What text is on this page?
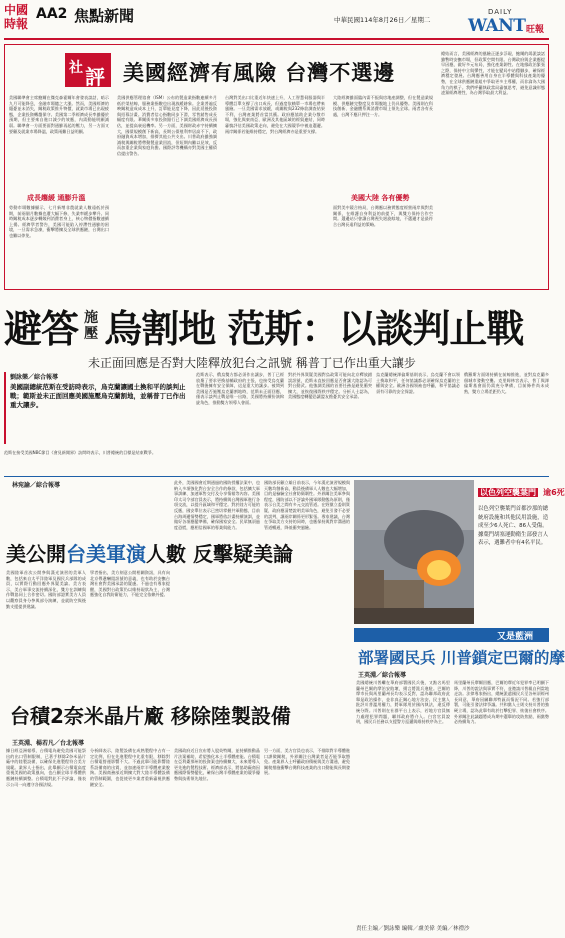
中國
時報
AA2 焦點新聞	中華民國114年8月26日／星期二
DAILY
WANT 旺報
社 評 美國經濟有風險 台灣不選邊
美國聯準會主席鮑爾在傑克森霍爾年會發表談話，暗示九月可能降息，金融市場隨之大漲。然而，美國經濟的隱憂並未消失，關稅政策推升物價，就業市場已出現疲態，企業投資轉趨保守。美國第二季經濟成長率雖優於預期，但主要來自進口減少的效應，內需動能明顯減弱。聯準會一方面要面對通膨再起的壓力，另一方面又要顧及就業市場降溫，政策兩難日益明顯。
成長趨緩 通膨升溫
勞動市場數據顯示，七月新增非農就業人數遠低於預期，前兩個月數據也遭大幅下修，失業率緩步攀升。同時關稅成本逐步轉嫁到消費者身上，核心物價指數連續上揚。經濟學者警告，美國可能陷入停滯性通膨的困境，一旦需求急凍，衝擊將擴及全球供應鏈，台灣出口也難以倖免。
美國供應管理協會（ISM）公布的製造業指數連續多月低於榮枯線，服務業指數也出現放緩跡象。企業普遍反映關稅造成成本上升，訂單能見度下降，因此延後投資與招募計畫。消費者信心指數同步下滑，零售銷售成長幅度有限。華爾街多家投資銀行已下調美國經濟成長預估，並提高衰退機率。另一方面，美國財政赤字持續擴大，國債規模創下新高，長期公債殖利率居高不下，政府融資成本增加，排擠其他公共支出。川普政府雖強調減稅與關稅將帶動製造業回流，但短期內難以見效，反而加重企業與家庭負擔。國際評等機構亦對美國主權債信提出警告。
台灣對美出口比重近年快速上升，人工智慧伺服器與半導體訂單支撐了出口成長，但過度依賴單一市場也帶來風險。一旦美國需求放緩，或關稅與232條款調查結果不利，台灣產業將首當其衝。政府應協助企業分散市場，強化與東南亞、歐洲及其他區域的經貿連結，同時審慎評估美國政策走向，避免在大國競爭中被迫選邊。兩岸關係若能維持穩定，對台灣經濟亦是重要支撐。
大陸經濟雖面臨內需不振與房地產調整，但在製造業規模、供應鏈完整度及市場腹地上仍具優勢。美國則在科技創新、金融體系與消費市場上領先全球。兩者各有長處，台灣不應只押注一方。
美國大陸 各有優勢
面對美中競合格局，台灣應以務實態度經營兩岸與對美關係，在維護自身利益的前提下，與雙方保持合作空間。選邊站只會讓台灣喪失迴旋餘地，不選邊才是最符合台灣長遠利益的策略。
總結而言，美國經濟的風險正逐步浮現，鮑爾的鴿派談話雖暫時安撫市場，但政策空間有限。台灣政府與企業應提早因應，做好多元布局，強化產業韌性。在地緣政治緊張之際，保持中立與彈性，才能在變局中站穩腳步，確保經濟穩定發展。台灣應善用自身在半導體與科技產業的優勢，在全球供應鏈重組中爭取更多主導權，而非淪為大國角力的棋子。我們呼籲執政當局審慎思考，避免意識形態凌駕經濟理性，為台灣爭取最大利益。
避答 施
壓 烏割地 范斯：以談判止戰
未正面回應是否對大陸釋放犯台之訊號 稱普丁已作出重大讓步
劉詠樂／綜合報導
美國副總統范斯在受訪時表示，烏克蘭讓國土換和平的談判止戰；範斯並未正面回應美國施壓烏克蘭割地，並稱普丁已作出重大讓步。
范斯在接受美國NBC節目《會見新聞界》訪問時表示，川普總統的目標是結束戰爭。
范斯表示，俄烏雙方都必須作出讓步，普丁已經放棄了要求更換基輔政府的主張，也接受烏克蘭在戰後擁有安全保障，這是重大的讓步。被問到美國是否施壓烏克蘭割地時，范斯未正面回應，僅表示談判止戰是唯一出路，美國將持續扮演斡旋角色，推動雙方領導人會面。
對於外界質疑美國對烏政策可能向北京釋放錯誤訊號，范斯未直接回應是否會讓大陸認為可對台動武。他強調美國的首要任務是避免衝突擴大，並恢復國際秩序穩定。分析人士認為，美國態度轉變恐讓盟友擔憂其安全承諾。
烏克蘭總統澤倫斯基則表示，烏克蘭不會以領土換取和平，任何協議都必須確保烏克蘭的主權與安全。歐洲各國領袖也呼籲，和平協議必須有可靠的安全保證。
俄羅斯方面則持續在前線推進，並對烏克蘭多個城市發動空襲。克里姆林宮表示，普丁與澤倫斯基會面仍需充分準備，目前條件尚未成熟，雙方立場差距仍大。
林宛諭／綜合報導
美公開台美軍演人數 反擊疑美論
美國陸軍首次公開參與漢光演習的美軍人數，包括來自太平洋陸軍及國民兵部隊的成員，以實際行動回應外界疑美論。美方表示，美台軍事交流持續深化，雙方在訓練與作戰協同上合作密切。國防部證實美方人員以觀察員身分參與部分演練，並就防空與後勤支援提供建議。
學者指出，美方刻意公開相關資訊，具有向北京傳遞嚇阻訊號的意義，也有助於安撫台灣社會對美國承諾的疑慮。不過也有專家提醒，美國對台政策仍以維持現狀為主，台灣應強化自我防衛能力，不能完全依賴外援。
此外，美國國會近期通過的國防授權法案中，也納入多項強化對台安全合作的條款，包括擴大軍事訓練、加速軍售交付及分享情報等內容。美國印太司令部官員表示，將持續與台灣國軍進行各項交流，以提升區域和平穩定。對於陸方可能的反應，國安單位表示已密切掌握共軍動態，目前台海周邊情勢穩定，國軍將依計畫持續演訓，並做好各項應變準備，確保國家安全。民眾無須過度恐慌，應相信國軍的專業與能力。
國防部長顧立雄日前表示，今年漢光演習規模與天數均創新高，動員後備軍人人數也大幅增加，目的是檢驗全社會防衛韌性。外界關注美軍參與程度，國防部以不評論外國軍隊動態為原則，僅表示台美之間有多元交流管道。在野黨立委則質疑，政府應清楚說明美軍角色，避免引發不必要的誤判，讓兩岸關係更形緊張。專家建議，台灣在爭取美方支持的同時，也應保持與對岸溝通的管道暢通，降低衝突風險。
以色列空襲葉門 逾6死
以色列空襲葉門首都沙那的總統府設施和其他民用設施，造成至少6人死亡、86人受傷。據葉門胡塞運動衛生部發言人表示，遇難者中有4名平民。
王英淵、楊若凡／台北報導
台積2奈米晶片廠 移除陸製設備
據日經亞洲報導，台積電為避免美國可能祭出的出口管制限制，已著手移除2奈米晶片廠中的陸製設備，以確保先進製程符合美方規範。業界人士指出，此舉顯示台積電高度重視美國的政策風向，也凸顯全球半導體供應鏈持續調整。台積電對此不予評論，僅表示公司一向遵守各國法規。
分析師表示，陸製設備在成熟製程中占有一定比例，但在先進製程中比重有限，移除對台積電營運影響不大。不過此舉可能影響陸系設備商的出貨，並加速兩岸半導體產業脫鉤。美國商務部近期擴大對大陸半導體設備的管制範圍，也促使更多業者重新審視供應鏈安全。
美國政府近日宣布將入股英特爾，並持續推動晶片法案補助，希望強化本土半導體產能。台積電在亞利桑那州的投資案也持續擴大，未來將導入更先進的製程技術。經濟部表示，將協助廠商因應國際情勢變化，確保台灣半導體產業的競爭優勢與技術領先地位。
另一方面，美方官員也表示，不排除對半導體進口課徵關稅，外界關注台灣業者是否能爭取豁免。產業界人士呼籲政府積極與美方溝通，避免關稅措施衝擊台灣科技產業的出口動能與長期發展。
又是藍洲
部署國民兵 川普鎖定巴爾的摩
王英淵／綜合報導
美國總統川普繼在華府部署國民兵後，又點名馬里蘭州巴爾的摩治安敗壞，揚言將派兵進駐。巴爾的摩市長與馬里蘭州長均表示反對，認為聯邦政府此舉是政治操作，並非真正關心地方治安。民主黨人批評川普濫用權力，將軍隊用於國內執法，違反傳統分際。川普則在社群平台上表示，若地方官員無力處理犯罪問題，聯邦政府將介入。白宮官員說明，國民兵任務以支援警方巡邏與維持秩序為主。
馬里蘭州長摩爾回應，巴爾的摩近年犯罪率已明顯下降，川普的說法與事實不符，並邀請川普親自到當地走訪。法律專家指出，總統派遣國民兵至各州須經州長同意，華府因屬聯邦特區而情況不同。若強行部署，可能引發法律爭議。共和黨人士則支持川普的強硬立場，認為此舉有助於打擊犯罪、恢復社會秩序。外界關注此議題將成為期中選舉的攻防焦點，兩黨勢必持續角力。
責任主編／劉詠樂 編輯／盧美偉 美編／林禮沙
